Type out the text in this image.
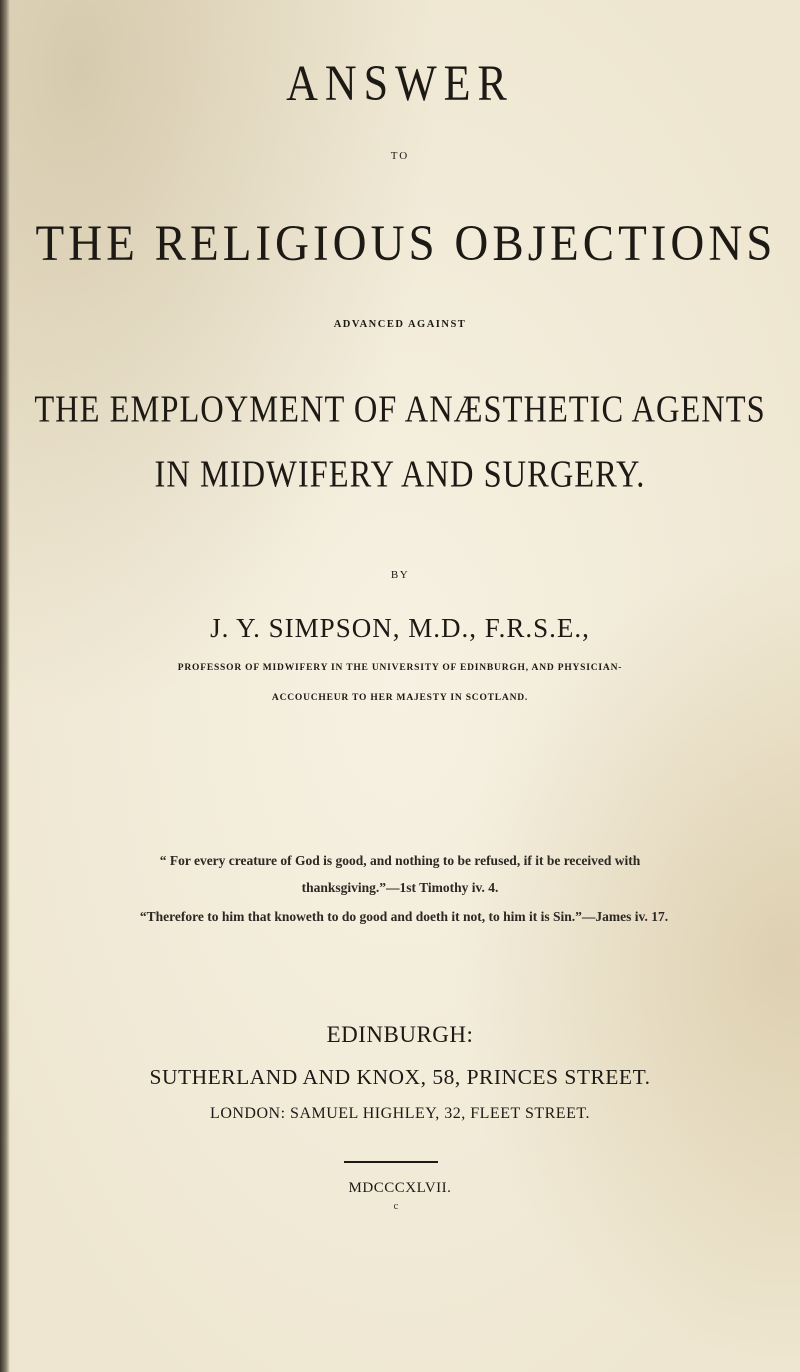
ANSWER
TO
THE RELIGIOUS OBJECTIONS
ADVANCED AGAINST
THE EMPLOYMENT OF ANÆSTHETIC AGENTS
IN MIDWIFERY AND SURGERY.
BY
J. Y. SIMPSON, M.D., F.R.S.E.,
PROFESSOR OF MIDWIFERY IN THE UNIVERSITY OF EDINBURGH, AND PHYSICIAN-
ACCOUCHEUR TO HER MAJESTY IN SCOTLAND.
“ For every creature of God is good, and nothing to be refused, if it be received with
thanksgiving.”—1st Timothy iv. 4.
“Therefore to him that knoweth to do good and doeth it not, to him it is Sin.”—James iv. 17.
EDINBURGH:
SUTHERLAND AND KNOX, 58, PRINCES STREET.
LONDON: SAMUEL HIGHLEY, 32, FLEET STREET.
MDCCCXLVII.
c
